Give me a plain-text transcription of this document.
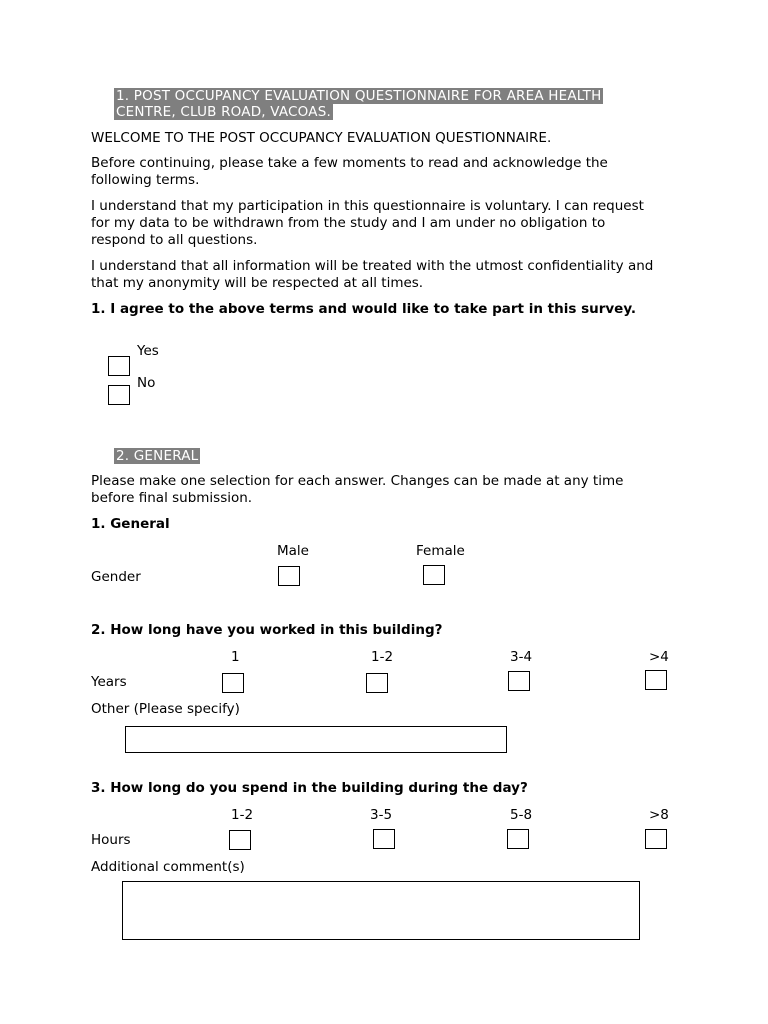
1. POST OCCUPANCY EVALUATION QUESTIONNAIRE FOR AREA HEALTH
CENTRE, CLUB ROAD, VACOAS.
WELCOME TO THE POST OCCUPANCY EVALUATION QUESTIONNAIRE.
Before continuing, please take a few moments to read and acknowledge the
following terms.
I understand that my participation in this questionnaire is voluntary. I can request
for my data to be withdrawn from the study and I am under no obligation to
respond to all questions.
I understand that all information will be treated with the utmost confidentiality and
that my anonymity will be respected at all times.
1. I agree to the above terms and would like to take part in this survey.
Yes
No
2. GENERAL
Please make one selection for each answer. Changes can be made at any time
before final submission.
1. General
Male	Female
Gender
2. How long have you worked in this building?
1	1-2	3-4	>4
Years
Other (Please specify)
3. How long do you spend in the building during the day?
1-2	3-5	5-8	>8
Hours
Additional comment(s)
